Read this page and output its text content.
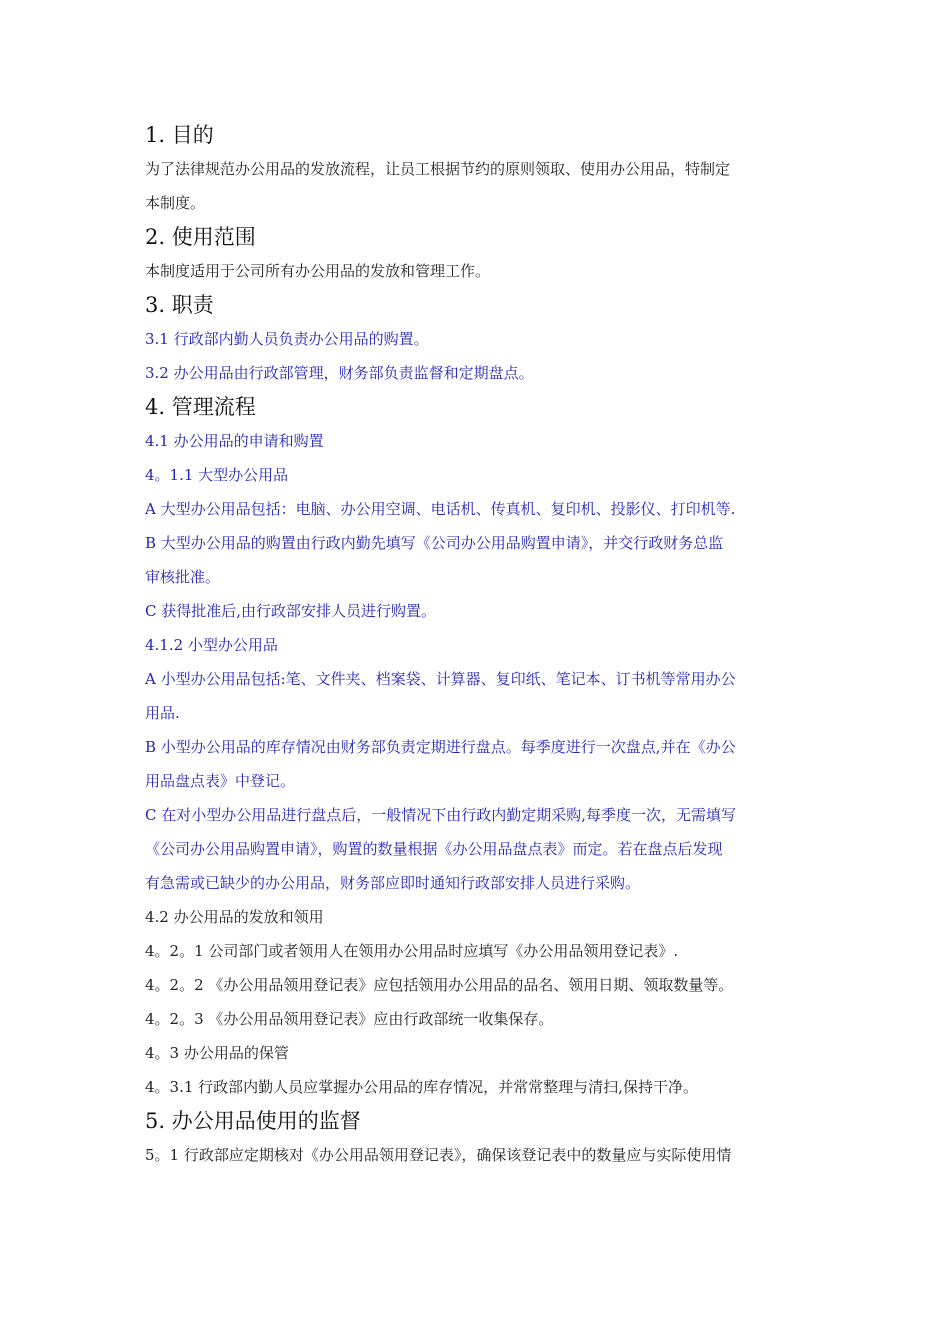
1. 目的

为了法律规范办公用品的发放流程，让员工根据节约的原则领取、使用办公用品，特制定

本制度。

2. 使用范围

本制度适用于公司所有办公用品的发放和管理工作。

3. 职责

3.1 行政部内勤人员负责办公用品的购置。

3.2 办公用品由行政部管理，财务部负责监督和定期盘点。

4. 管理流程

4.1 办公用品的申请和购置

4。1.1 大型办公用品

A 大型办公用品包括：电脑、办公用空调、电话机、传真机、复印机、投影仪、打印机等.

B 大型办公用品的购置由行政内勤先填写《公司办公用品购置申请》，并交行政财务总监

审核批准。

C 获得批准后,由行政部安排人员进行购置。

4.1.2 小型办公用品

A 小型办公用品包括:笔、文件夹、档案袋、计算器、复印纸、笔记本、订书机等常用办公

用品.

B 小型办公用品的库存情况由财务部负责定期进行盘点。每季度进行一次盘点,并在《办公

用品盘点表》中登记。

C 在对小型办公用品进行盘点后，一般情况下由行政内勤定期采购,每季度一次，无需填写

《公司办公用品购置申请》，购置的数量根据《办公用品盘点表》而定。若在盘点后发现

有急需或已缺少的办公用品，财务部应即时通知行政部安排人员进行采购。

4.2 办公用品的发放和领用

4。2。1 公司部门或者领用人在领用办公用品时应填写《办公用品领用登记表》.

4。2。2 《办公用品领用登记表》应包括领用办公用品的品名、领用日期、领取数量等。

4。2。3 《办公用品领用登记表》应由行政部统一收集保存。

4。3 办公用品的保管

4。3.1 行政部内勤人员应掌握办公用品的库存情况，并常常整理与清扫,保持干净。

5. 办公用品使用的监督

5。1 行政部应定期核对《办公用品领用登记表》，确保该登记表中的数量应与实际使用情
